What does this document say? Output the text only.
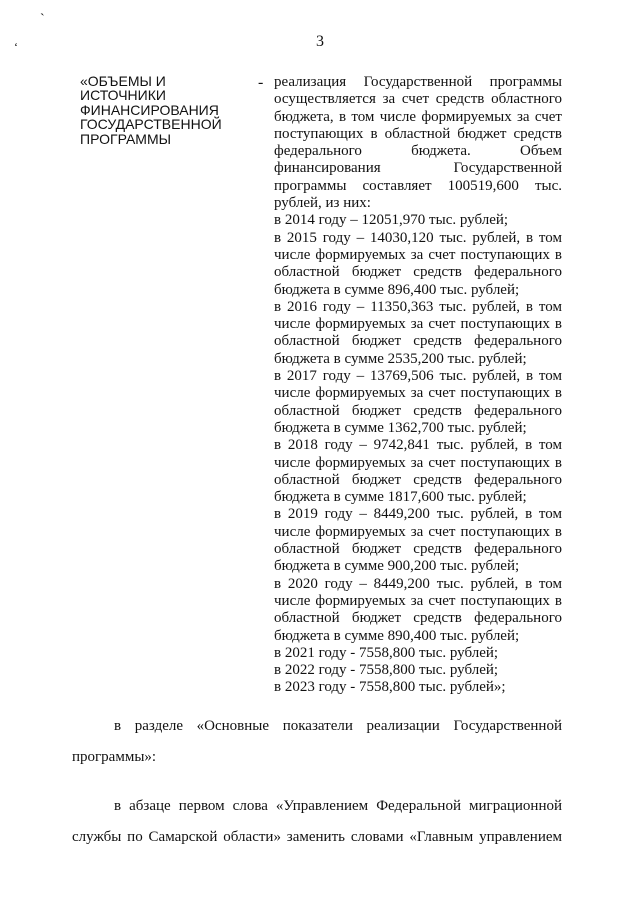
`
‘	3
«ОБЪЕМЫ И
ИСТОЧНИКИ
ФИНАНСИРОВАНИЯ
ГОСУДАРСТВЕННОЙ
ПРОГРАММЫ
- реализация Государственной программы
осуществляется за счет средств областного
бюджета, в том числе формируемых за счет
поступающих в областной бюджет средств
федерального бюджета. Объем
финансирования Государственной
программы составляет 100519,600 тыс.
рублей, из них:
в 2014 году – 12051,970 тыс. рублей;
в 2015 году – 14030,120 тыс. рублей, в том
числе формируемых за счет поступающих в
областной бюджет средств федерального
бюджета в сумме 896,400 тыс. рублей;
в 2016 году – 11350,363 тыс. рублей, в том
числе формируемых за счет поступающих в
областной бюджет средств федерального
бюджета в сумме 2535,200 тыс. рублей;
в 2017 году – 13769,506 тыс. рублей, в том
числе формируемых за счет поступающих в
областной бюджет средств федерального
бюджета в сумме 1362,700 тыс. рублей;
в 2018 году – 9742,841 тыс. рублей, в том
числе формируемых за счет поступающих в
областной бюджет средств федерального
бюджета в сумме 1817,600 тыс. рублей;
в 2019 году – 8449,200 тыс. рублей, в том
числе формируемых за счет поступающих в
областной бюджет средств федерального
бюджета в сумме 900,200 тыс. рублей;
в 2020 году – 8449,200 тыс. рублей, в том
числе формируемых за счет поступающих в
областной бюджет средств федерального
бюджета в сумме 890,400 тыс. рублей;
в 2021 году - 7558,800 тыс. рублей;
в 2022 году - 7558,800 тыс. рублей;
в 2023 году - 7558,800 тыс. рублей»;
в разделе «Основные показатели реализации Государственной
программы»:
в абзаце первом слова «Управлением Федеральной миграционной
службы по Самарской области» заменить словами «Главным управлением
